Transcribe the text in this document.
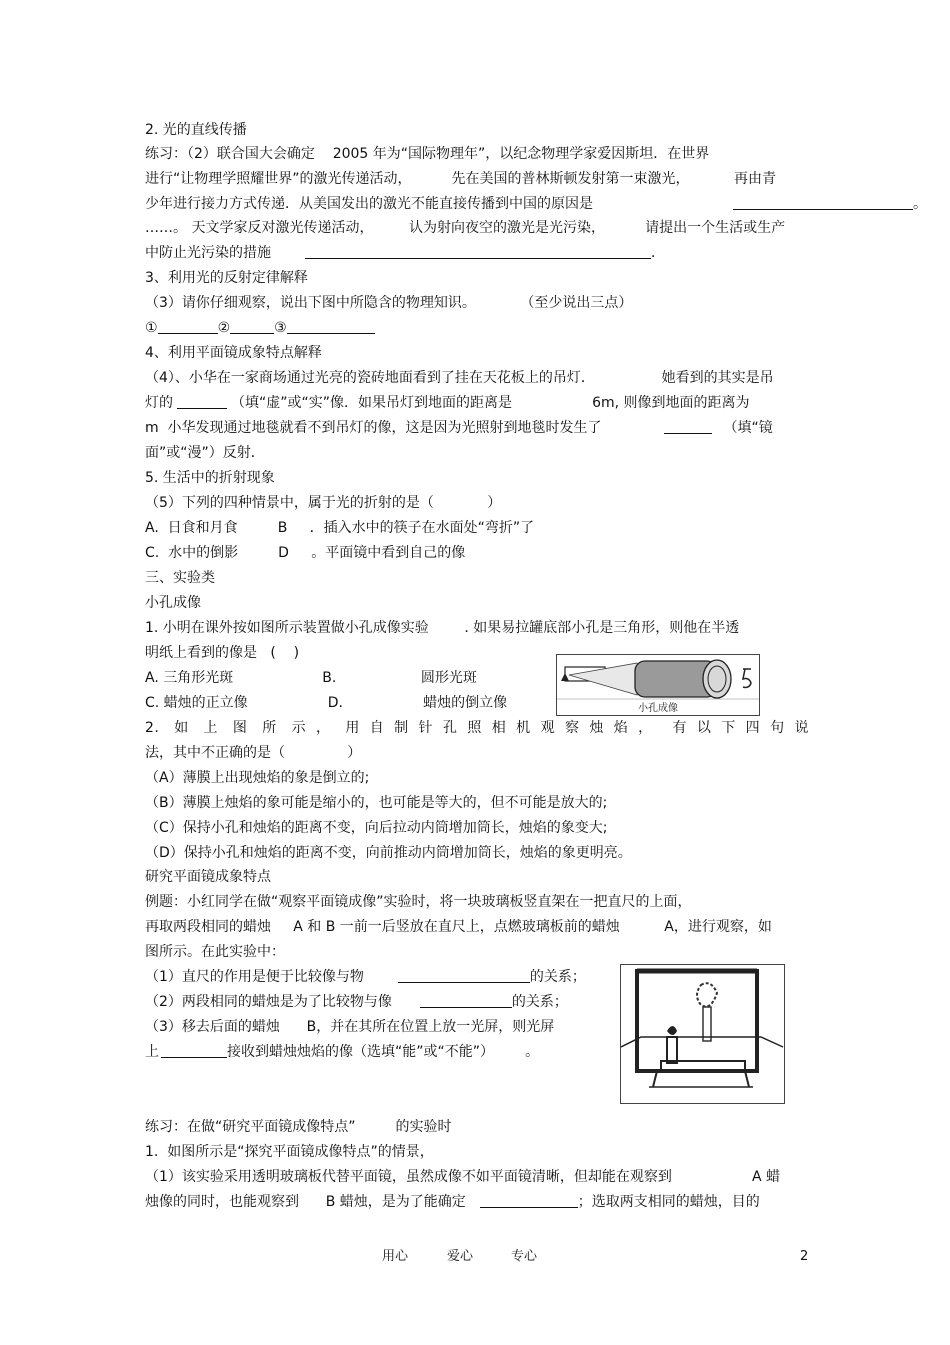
2. 光的直线传播
练习：（2）联合国大会确定    2005 年为“国际物理年”，以纪念物理学家爱因斯坦．在世界
进行“让物理学照耀世界”的激光传递活动，         先在美国的普林斯顿发射第一束激光，          再由青
少年进行接力方式传递．从美国发出的激光不能直接传播到中国的原因是	。
……。 天文学家反对激光传递活动，        认为射向夜空的激光是光污染，         请提出一个生活或生产
中防止光污染的措施	．
3、利用光的反射定律解释
（3）请你仔细观察，说出下图中所隐含的物理知识。          （至少说出三点）
①	②	③
4、利用平面镜成象特点解释
（4）、小华在一家商场通过光亮的瓷砖地面看到了挂在天花板上的吊灯．               她看到的其实是吊
灯的	（填“虚”或“实”像．如果吊灯到地面的距离是                  6m, 则像到地面的距离为
m  小华发现通过地毯就看不到吊灯的像，这是因为光照射到地毯时发生了	（填“镜
面”或“漫”）反射．
5. 生活中的折射现象
（5）下列的四种情景中，属于光的折射的是（            ）
A.  日食和月食         B     ．插入水中的筷子在水面处“弯折”了
C.  水中的倒影         D     。平面镜中看到自己的像
三、实验类
小孔成像
1. 小明在课外按如图所示装置做小孔成像实验        . 如果易拉罐底部小孔是三角形，则他在半透
明纸上看到的像是   (    )
A. 三角形光斑                    B.                   圆形光斑
C. 蜡烛的正立像                  D.                  蜡烛的倒立像	小孔成像
2.   如   上   图   所   示  ，   用  自  制  针  孔  照  相  机  观  察  烛  焰  ，    有  以  下  四  句  说
法，其中不正确的是（              ）
（A）薄膜上出现烛焰的象是倒立的;
（B）薄膜上烛焰的象可能是缩小的，也可能是等大的，但不可能是放大的;
（C）保持小孔和烛焰的距离不变，向后拉动内筒增加筒长，烛焰的象变大;
（D）保持小孔和烛焰的距离不变，向前推动内筒增加筒长，烛焰的象更明亮。
研究平面镜成象特点
例题：小红同学在做“观察平面镜成像”实验时，将一块玻璃板竖直架在一把直尺的上面，
再取两段相同的蜡烛     A 和 B 一前一后竖放在直尺上，点燃玻璃板前的蜡烛          A，进行观察，如
图所示。在此实验中：
（1）直尺的作用是便于比较像与物	的关系；
（2）两段相同的蜡烛是为了比较物与像	的关系；
（3）移去后面的蜡烛      B，并在其所在位置上放一光屏，则光屏
上	接收到蜡烛烛焰的像（选填“能”或“不能”）       。
练习：在做“研究平面镜成像特点”         的实验时
1.  如图所示是“探究平面镜成像特点”的情景，
（1）该实验采用透明玻璃板代替平面镜，虽然成像不如平面镜清晰，但却能在观察到                  A 蜡
烛像的同时，也能观察到      B 蜡烛，是为了能确定	；选取两支相同的蜡烛，目的
用心	爱心	专心	2
